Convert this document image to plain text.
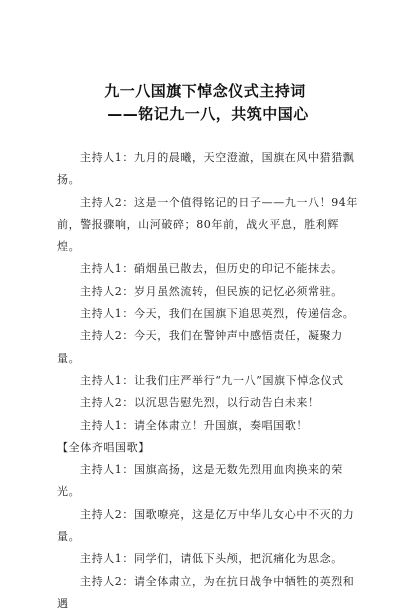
九一八国旗下悼念仪式主持词
——铭记九一八，共筑中国心
主持人1：九月的晨曦，天空澄澈，国旗在风中猎猎飘扬。
主持人2：这是一个值得铭记的日子——九一八！94年前，警报骤响，山河破碎；80年前，战火平息，胜利辉煌。
主持人1：硝烟虽已散去，但历史的印记不能抹去。
主持人2：岁月虽然流转，但民族的记忆必须常驻。
主持人1：今天，我们在国旗下追思英烈，传递信念。
主持人2：今天，我们在警钟声中感悟责任，凝聚力量。
主持人1：让我们庄严举行“九一八”国旗下悼念仪式
主持人2：以沉思告慰先烈，以行动告白未来！
主持人1：请全体肃立！升国旗，奏唱国歌！
【全体齐唱国歌】
主持人1：国旗高扬，这是无数先烈用血肉换来的荣光。
主持人2：国歌嘹亮，这是亿万中华儿女心中不灭的力量。
主持人1：同学们，请低下头颅，把沉痛化为思念。
主持人2：请全体肃立，为在抗日战争中牺牲的英烈和遇
